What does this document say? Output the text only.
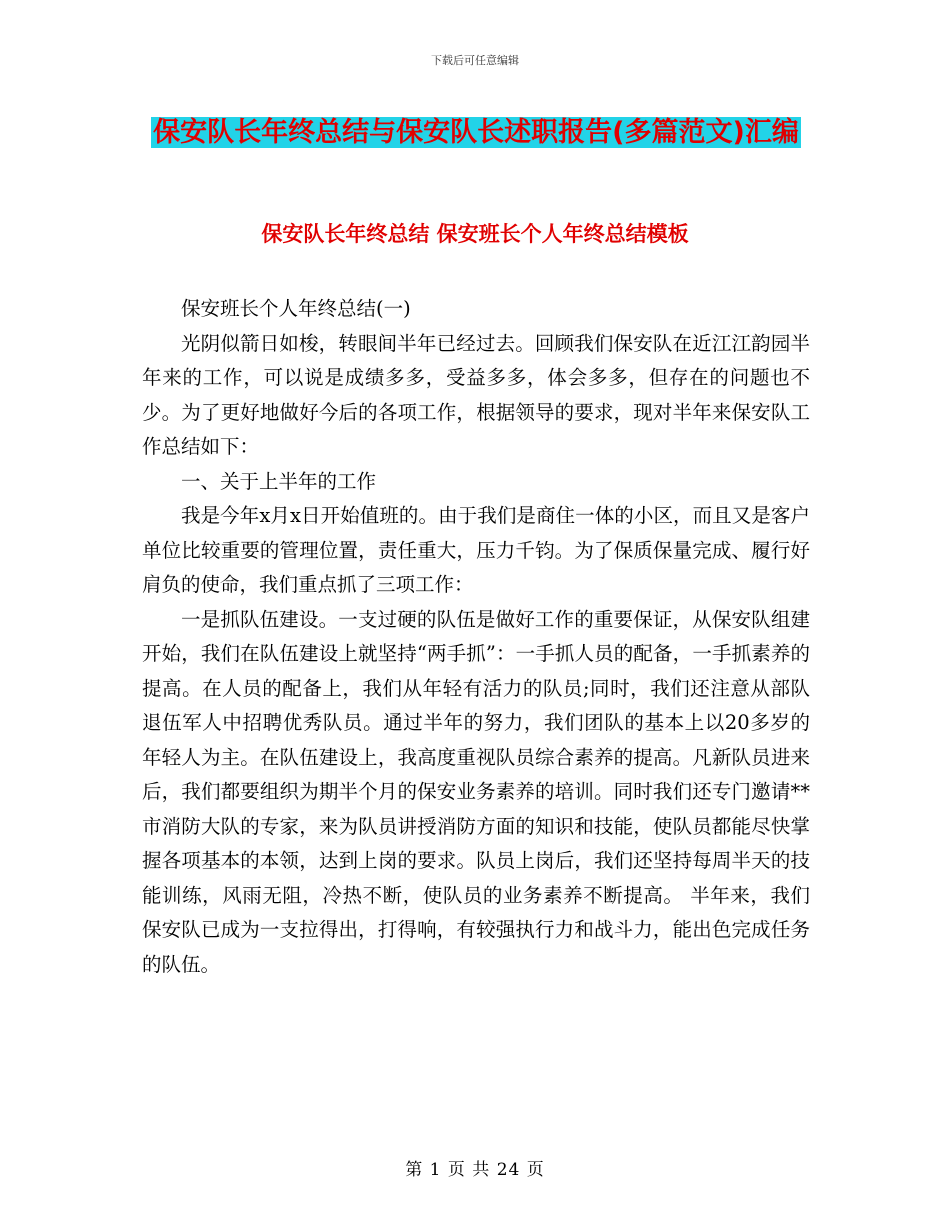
下载后可任意编辑
保安队长年终总结与保安队长述职报告(多篇范文)汇编
保安队长年终总结 保安班长个人年终总结模板

保安班长个人年终总结(一)

光阴似箭日如梭，转眼间半年已经过去。回顾我们保安队在近江江韵园半年来的工作，可以说是成绩多多，受益多多，体会多多，但存在的问题也不少。为了更好地做好今后的各项工作，根据领导的要求，现对半年来保安队工作总结如下：

一、关于上半年的工作

我是今年x月x日开始值班的。由于我们是商住一体的小区，而且又是客户单位比较重要的管理位置，责任重大，压力千钧。为了保质保量完成、履行好肩负的使命，我们重点抓了三项工作：

一是抓队伍建设。一支过硬的队伍是做好工作的重要保证，从保安队组建开始，我们在队伍建设上就坚持“两手抓”：一手抓人员的配备，一手抓素养的提高。在人员的配备上，我们从年轻有活力的队员;同时，我们还注意从部队退伍军人中招聘优秀队员。通过半年的努力，我们团队的基本上以20多岁的年轻人为主。在队伍建设上，我高度重视队员综合素养的提高。凡新队员进来后，我们都要组织为期半个月的保安业务素养的培训。同时我们还专门邀请**市消防大队的专家，来为队员讲授消防方面的知识和技能，使队员都能尽快掌握各项基本的本领，达到上岗的要求。队员上岗后，我们还坚持每周半天的技能训练，风雨无阻，冷热不断，使队员的业务素养不断提高。 半年来，我们保安队已成为一支拉得出，打得响，有较强执行力和战斗力，能出色完成任务的队伍。

第 1 页 共 24 页
